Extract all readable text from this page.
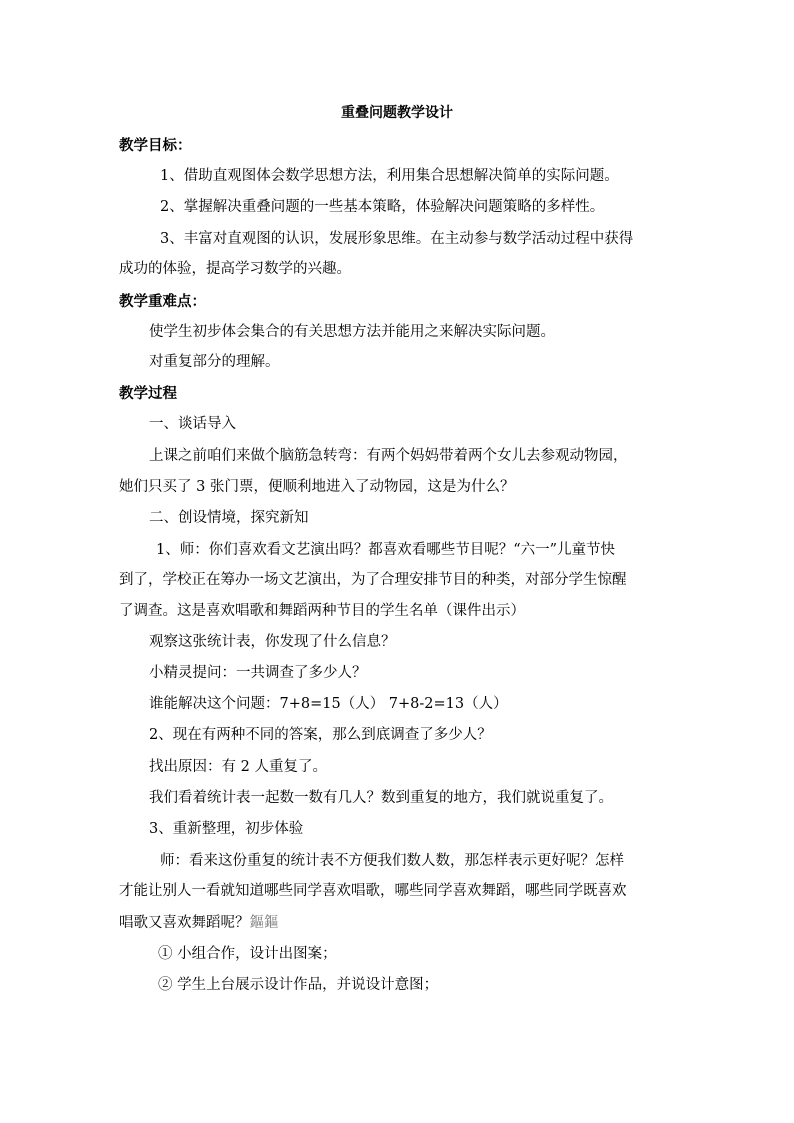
重叠问题教学设计
教学目标：
1、借助直观图体会数学思想方法，利用集合思想解决简单的实际问题。
2、掌握解决重叠问题的一些基本策略，体验解决问题策略的多样性。
3、丰富对直观图的认识，发展形象思维。在主动参与数学活动过程中获得
成功的体验，提高学习数学的兴趣。
教学重难点：
使学生初步体会集合的有关思想方法并能用之来解决实际问题。
对重复部分的理解。
教学过程
一、谈话导入
上课之前咱们来做个脑筋急转弯：有两个妈妈带着两个女儿去参观动物园，
她们只买了 3 张门票，便顺利地进入了动物园，这是为什么？
二、创设情境，探究新知
1、师：你们喜欢看文艺演出吗？都喜欢看哪些节目呢？“六一”儿童节快
到了，学校正在筹办一场文艺演出，为了合理安排节目的种类，对部分学生惊醒
了调查。这是喜欢唱歌和舞蹈两种节目的学生名单（课件出示）
观察这张统计表，你发现了什么信息？
小精灵提问：一共调查了多少人？
谁能解决这个问题：7+8=15（人） 7+8-2=13（人）
2、现在有两种不同的答案，那么到底调查了多少人？
找出原因：有 2 人重复了。
我们看着统计表一起数一数有几人？数到重复的地方，我们就说重复了。
3、重新整理，初步体验
师：看来这份重复的统计表不方便我们数人数，那怎样表示更好呢？怎样
才能让别人一看就知道哪些同学喜欢唱歌，哪些同学喜欢舞蹈，哪些同学既喜欢
唱歌又喜欢舞蹈呢？鏂鏂
① 小组合作，设计出图案；
② 学生上台展示设计作品，并说设计意图；
